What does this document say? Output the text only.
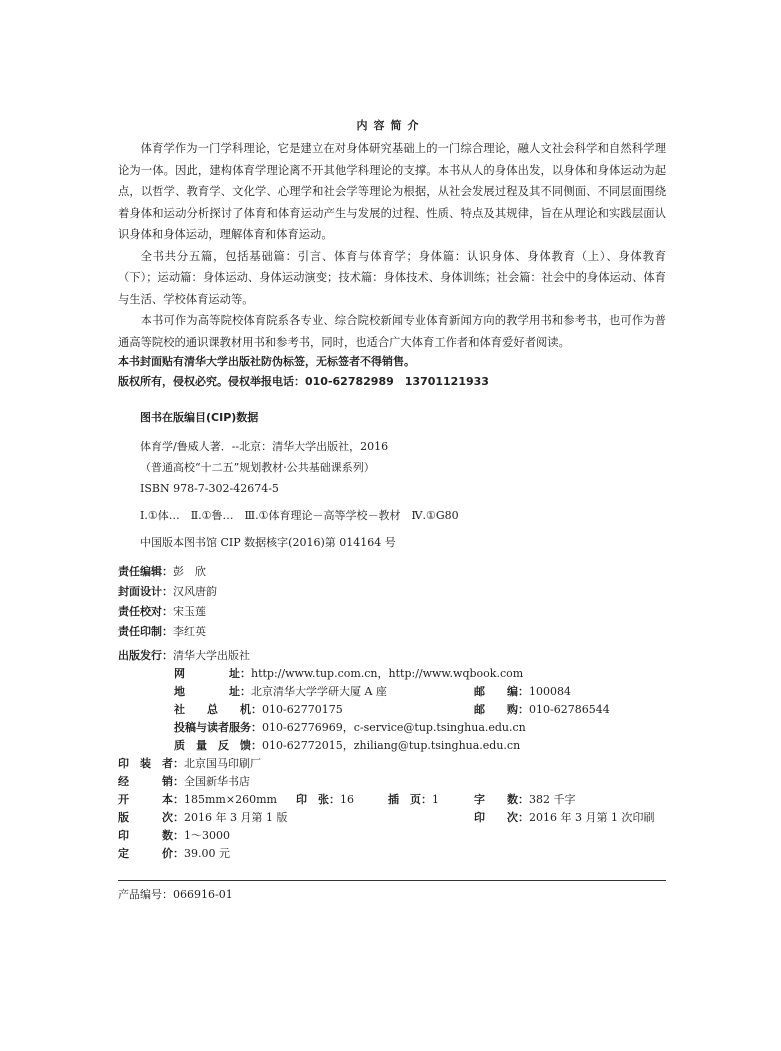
内容简介

体育学作为一门学科理论，它是建立在对身体研究基础上的一门综合理论，融人文社会科学和自然科学理论为一体。因此，建构体育学理论离不开其他学科理论的支撑。本书从人的身体出发，以身体和身体运动为起点，以哲学、教育学、文化学、心理学和社会学等理论为根据，从社会发展过程及其不同侧面、不同层面围绕着身体和运动分析探讨了体育和体育运动产生与发展的过程、性质、特点及其规律，旨在从理论和实践层面认识身体和身体运动，理解体育和体育运动。

全书共分五篇，包括基础篇：引言、体育与体育学；身体篇：认识身体、身体教育（上）、身体教育（下）；运动篇：身体运动、身体运动演变；技术篇：身体技术、身体训练；社会篇：社会中的身体运动、体育与生活、学校体育运动等。

本书可作为高等院校体育院系各专业、综合院校新闻专业体育新闻方向的教学用书和参考书，也可作为普通高等院校的通识课教材用书和参考书，同时，也适合广大体育工作者和体育爱好者阅读。

本书封面贴有清华大学出版社防伪标签，无标签者不得销售。
版权所有，侵权必究。侵权举报电话：010-62782989　13701121933
图书在版编目(CIP)数据
体育学/鲁威人著．--北京：清华大学出版社，2016
（普通高校“十二五”规划教材·公共基础课系列）
ISBN 978-7-302-42674-5
Ⅰ.①体…　Ⅱ.①鲁…　Ⅲ.①体育理论－高等学校－教材　Ⅳ.①G80
中国版本图书馆 CIP 数据核字(2016)第 014164 号
责任编辑：彭　欣
封面设计：汉风唐韵
责任校对：宋玉莲
责任印制：李红英
出版发行：清华大学出版社
网　　　　址：http://www.tup.com.cn，http://www.wqbook.com
地　　　　址：北京清华大学学研大厦 A 座	邮　　编：100084
社　　总　　机：010-62770175	邮　　购：010-62786544
投稿与读者服务：010-62776969，c-service@tup.tsinghua.edu.cn
质　量　反　馈：010-62772015，zhiliang@tup.tsinghua.edu.cn
印　装　者：北京国马印刷厂
经　　　销：全国新华书店
开　　　本：185mm×260mm 印　张：16	插　页：1	字　　数：382 千字
版　　　次：2016 年 3 月第 1 版	印　　次：2016 年 3 月第 1 次印刷
印　　　数：1～3000
定　　　价：39.00 元
产品编号：066916-01
